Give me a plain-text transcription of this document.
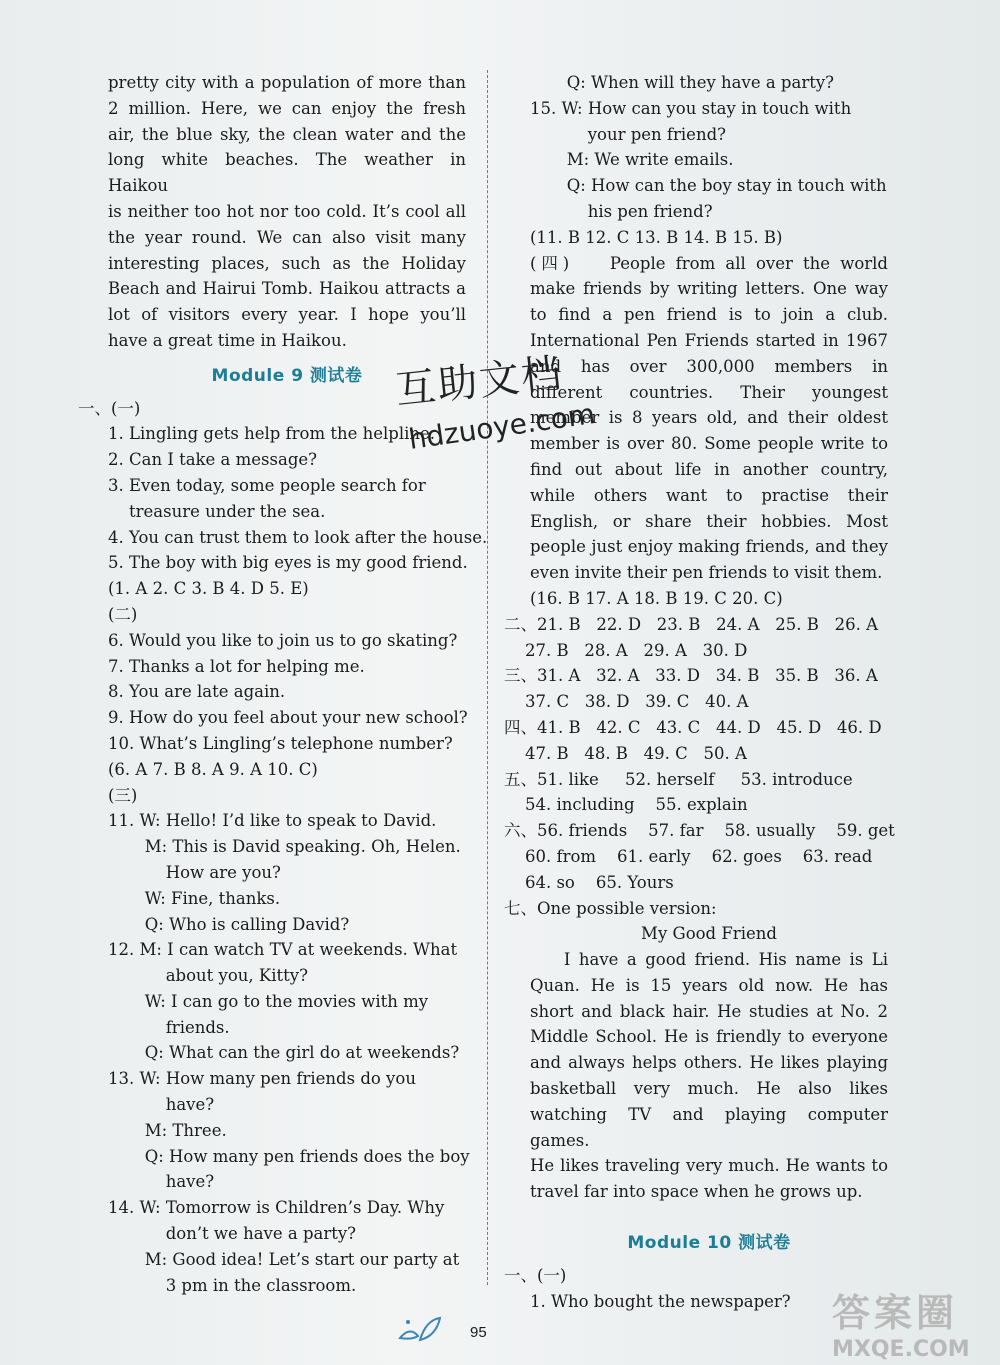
pretty city with a population of more than
2 million. Here, we can enjoy the fresh
air, the blue sky, the clean water and the
long white beaches. The weather in Haikou
is neither too hot nor too cold. It’s cool all
the year round. We can also visit many
interesting places, such as the Holiday
Beach and Hairui Tomb. Haikou attracts a
lot of visitors every year. I hope you’ll
have a great time in Haikou.
Module 9 测试卷
一、(一)
1. Lingling gets help from the helpline.
2. Can I take a message?
3. Even today, some people search for
treasure under the sea.
4. You can trust them to look after the house.
5. The boy with big eyes is my good friend.
(1. A 2. C 3. B 4. D 5. E)
(二)
6. Would you like to join us to go skating?
7. Thanks a lot for helping me.
8. You are late again.
9. How do you feel about your new school?
10. What’s Lingling’s telephone number?
(6. A 7. B 8. A 9. A 10. C)
(三)
11. W: Hello! I’d like to speak to David.
M: This is David speaking. Oh, Helen.
How are you?
W: Fine, thanks.
Q: Who is calling David?
12. M: I can watch TV at weekends. What
about you, Kitty?
W: I can go to the movies with my
friends.
Q: What can the girl do at weekends?
13. W: How many pen friends do you
have?
M: Three.
Q: How many pen friends does the boy
have?
14. W: Tomorrow is Children’s Day. Why
don’t we have a party?
M: Good idea! Let’s start our party at
3 pm in the classroom.
Q: When will they have a party?
15. W: How can you stay in touch with
your pen friend?
M: We write emails.
Q: How can the boy stay in touch with
his pen friend?
(11. B 12. C 13. B 14. B 15. B)
(四)    People from all over the world
make friends by writing letters. One way
to find a pen friend is to join a club.
International Pen Friends started in 1967
and has over 300,000 members in
different countries. Their youngest
member is 8 years old, and their oldest
member is over 80. Some people write to
find out about life in another country,
while others want to practise their
English, or share their hobbies. Most
people just enjoy making friends, and they
even invite their pen friends to visit them.
(16. B 17. A 18. B 19. C 20. C)
二、21. B   22. D   23. B   24. A   25. B   26. A
27. B   28. A   29. A   30. D
三、31. A   32. A   33. D   34. B   35. B   36. A
37. C   38. D   39. C   40. A
四、41. B   42. C   43. C   44. D   45. D   46. D
47. B   48. B   49. C   50. A
五、51. like     52. herself     53. introduce
54. including    55. explain
六、56. friends    57. far    58. usually    59. get
60. from    61. early    62. goes    63. read
64. so    65. Yours
七、One possible version:
My Good Friend
I have a good friend. His name is Li
Quan. He is 15 years old now. He has
short and black hair. He studies at No. 2
Middle School. He is friendly to everyone
and always helps others. He likes playing
basketball very much. He also likes
watching TV and playing computer games.
He likes traveling very much. He wants to
travel far into space when he grows up.
Module 10 测试卷
一、(一)
1. Who bought the newspaper?
互助文档
hdzuoye.com
95	答案圈
MXQE.COM
